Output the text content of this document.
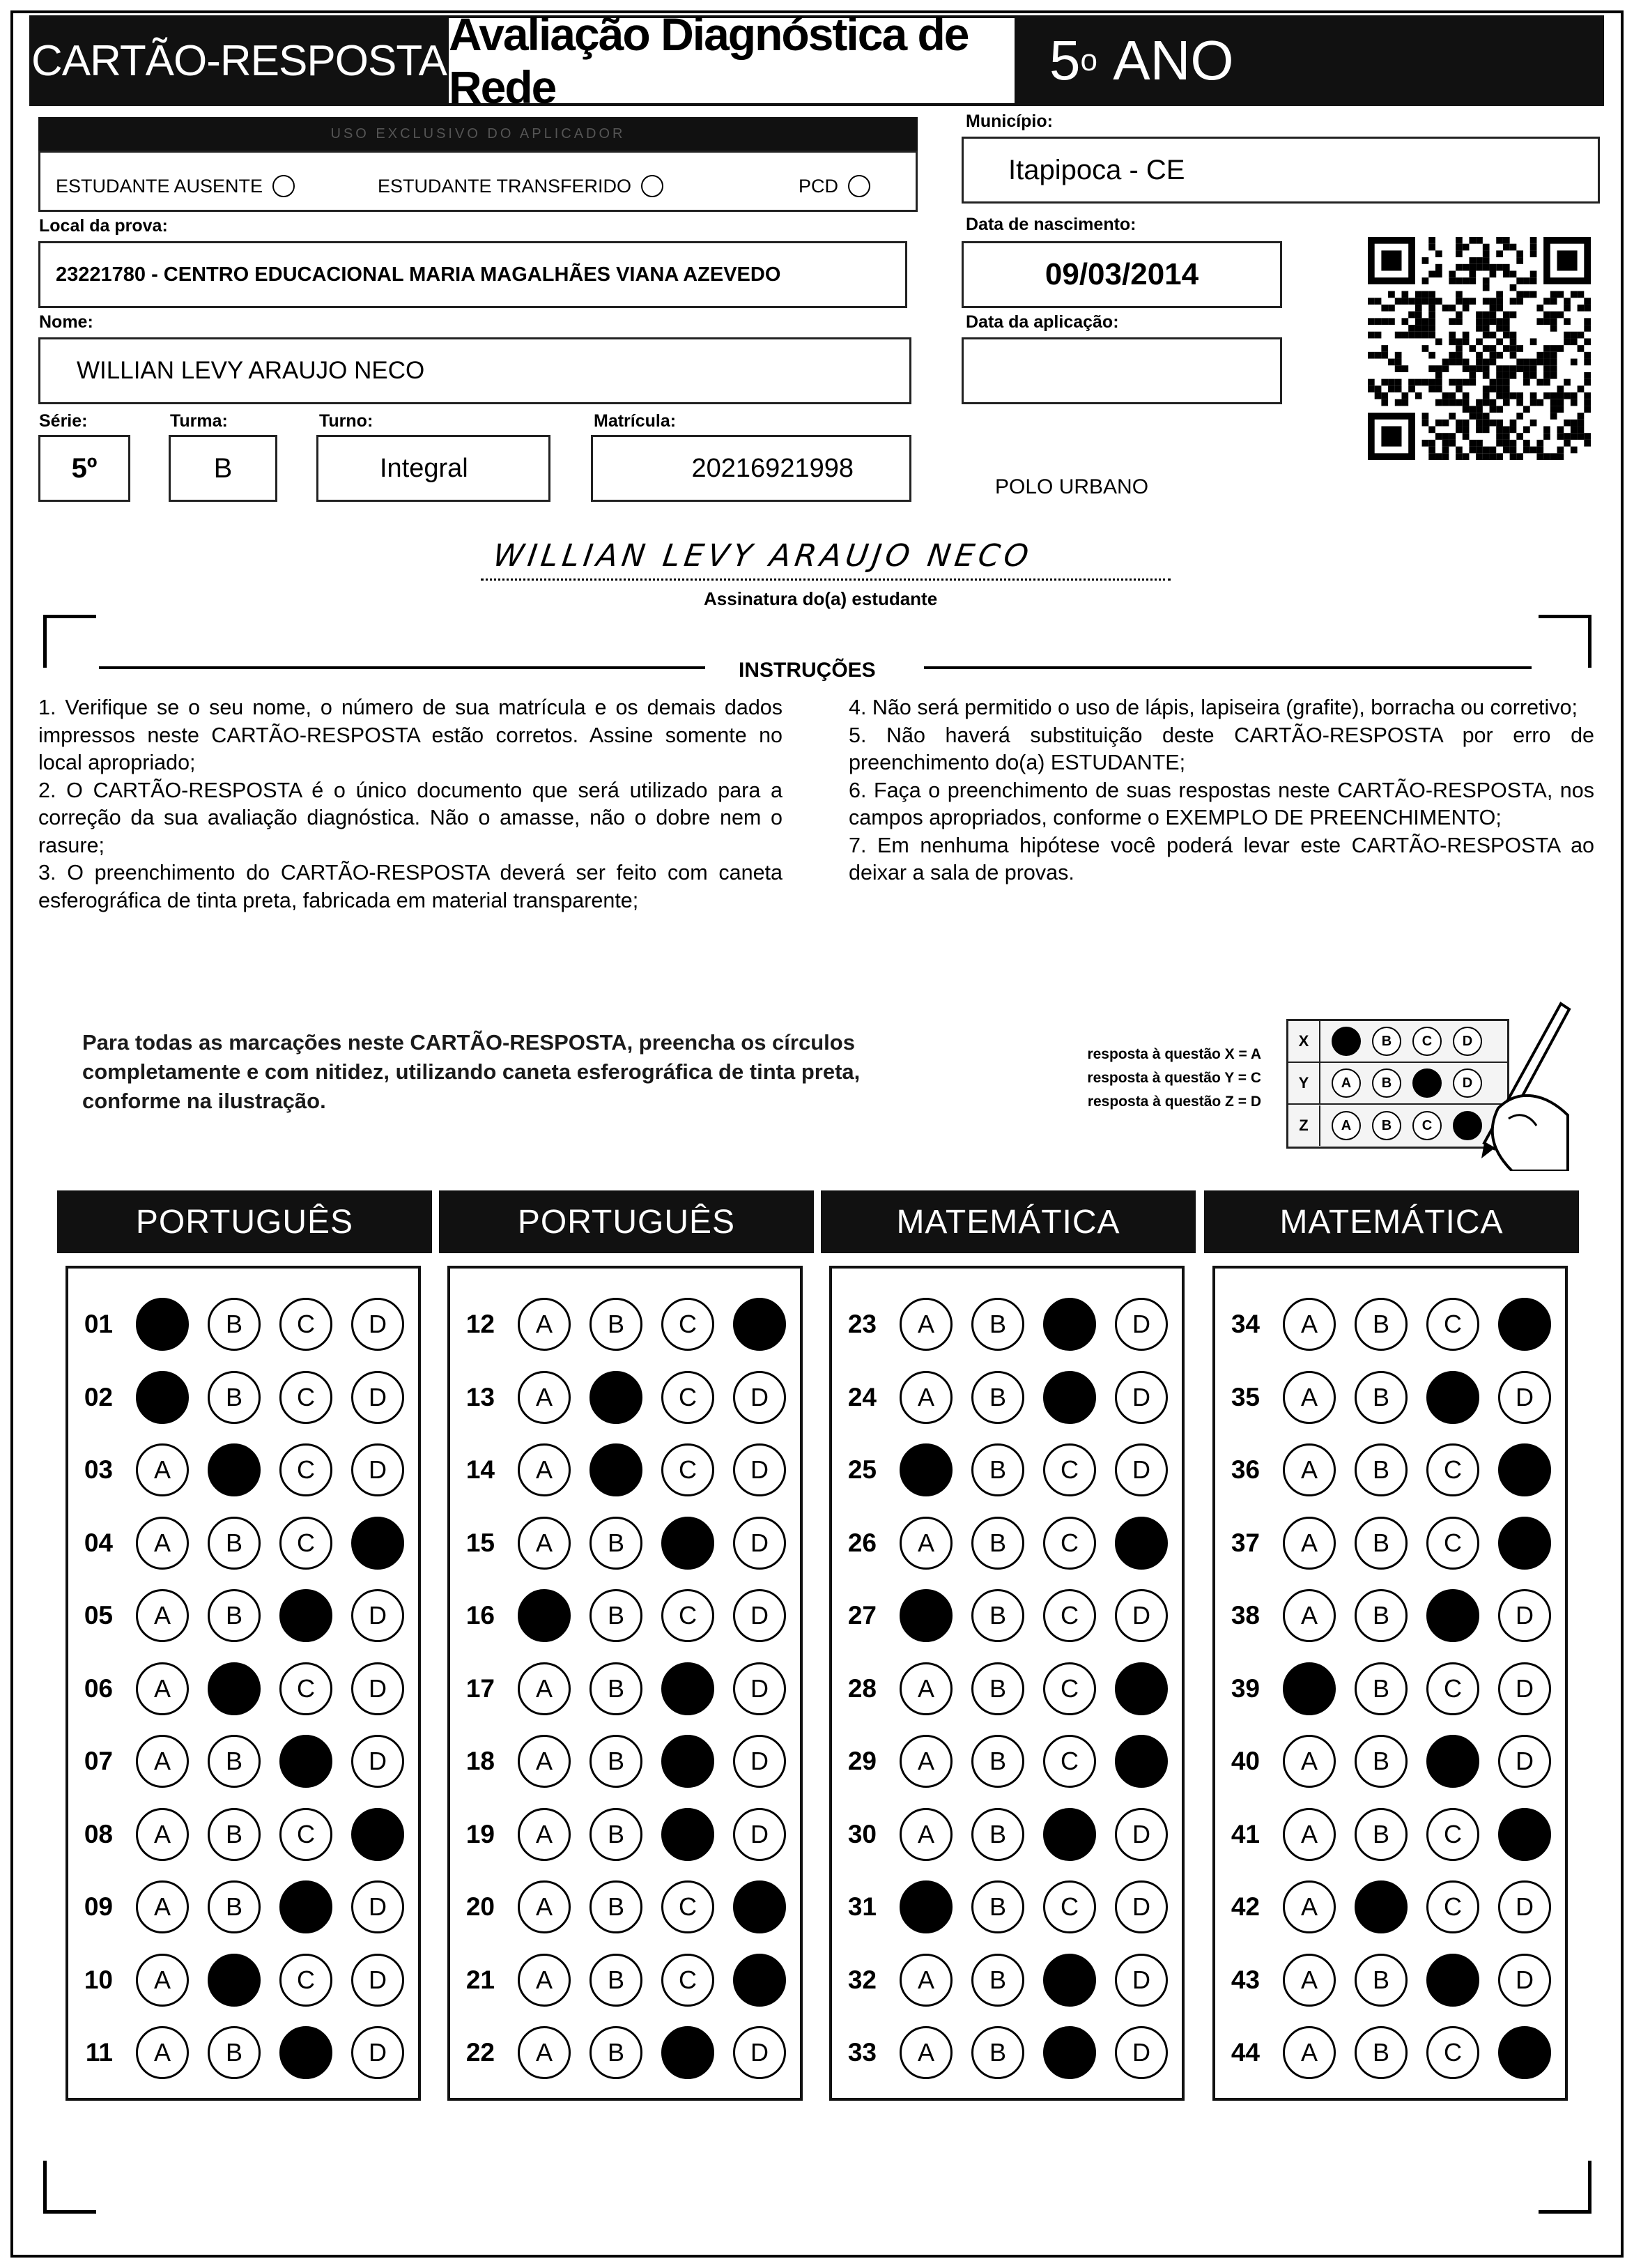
CARTÃO-RESPOSTA
Avaliação Diagnóstica de Rede	5 o
ANO
USO EXCLUSIVO DO APLICADOR
ESTUDANTE AUSENTE	ESTUDANTE TRANSFERIDO	PCD
Município:
Itapipoca - CE
Local da prova:
23221780 - CENTRO EDUCACIONAL MARIA MAGALHÃES VIANA AZEVEDO
Data de nascimento:
09/03/2014
Nome:
WILLIAN LEVY ARAUJO NECO
Data da aplicação:
Série:
5º
Turma:
B
Turno:
Integral
Matrícula:
20216921998
POLO URBANO
WILLIAN LEVY ARAUJO NECO
Assinatura do(a) estudante
INSTRUÇÕES

1. Verifique se o seu nome, o número de sua matrícula e os demais dados impressos neste CARTÃO-RESPOSTA estão corretos. Assine somente no local apropriado;

2. O CARTÃO-RESPOSTA é o único documento que será utilizado para a correção da sua avaliação diagnóstica. Não o amasse, não o dobre nem o rasure;

3. O preenchimento do CARTÃO-RESPOSTA deverá ser feito com caneta esferográfica de tinta preta, fabricada em material transparente;

4. Não será permitido o uso de lápis, lapiseira (grafite), borracha ou corretivo;

5. Não haverá substituição deste CARTÃO-RESPOSTA por erro de preenchimento do(a) ESTUDANTE;

6. Faça o preenchimento de suas respostas neste CARTÃO-RESPOSTA, nos campos apropriados, conforme o EXEMPLO DE PREENCHIMENTO;

7. Em nenhuma hipótese você poderá levar este CARTÃO-RESPOSTA ao deixar a sala de provas.

Para todas as marcações neste CARTÃO-RESPOSTA, preencha os círculos completamente e com nitidez, utilizando caneta esferográfica de tinta preta, conforme na ilustração.
resposta à questão X = A
resposta à questão Y = C
resposta à questão Z = D
X	A	B	C	D
Y	A	B	C	D
Z	A	B	C	D
PORTUGUÊS
01	A	B	C	D
02	A	B	C	D
03	A	B	C	D
04	A	B	C	D
05	A	B	C	D
06	A	B	C	D
07	A	B	C	D
08	A	B	C	D
09	A	B	C	D
10	A	B	C	D
11	A	B	C	D
PORTUGUÊS
12	A	B	C	D
13	A	B	C	D
14	A	B	C	D
15	A	B	C	D
16	A	B	C	D
17	A	B	C	D
18	A	B	C	D
19	A	B	C	D
20	A	B	C	D
21	A	B	C	D
22	A	B	C	D
MATEMÁTICA
23	A	B	C	D
24	A	B	C	D
25	A	B	C	D
26	A	B	C	D
27	A	B	C	D
28	A	B	C	D
29	A	B	C	D
30	A	B	C	D
31	A	B	C	D
32	A	B	C	D
33	A	B	C	D
MATEMÁTICA
34	A	B	C	D
35	A	B	C	D
36	A	B	C	D
37	A	B	C	D
38	A	B	C	D
39	A	B	C	D
40	A	B	C	D
41	A	B	C	D
42	A	B	C	D
43	A	B	C	D
44	A	B	C	D
